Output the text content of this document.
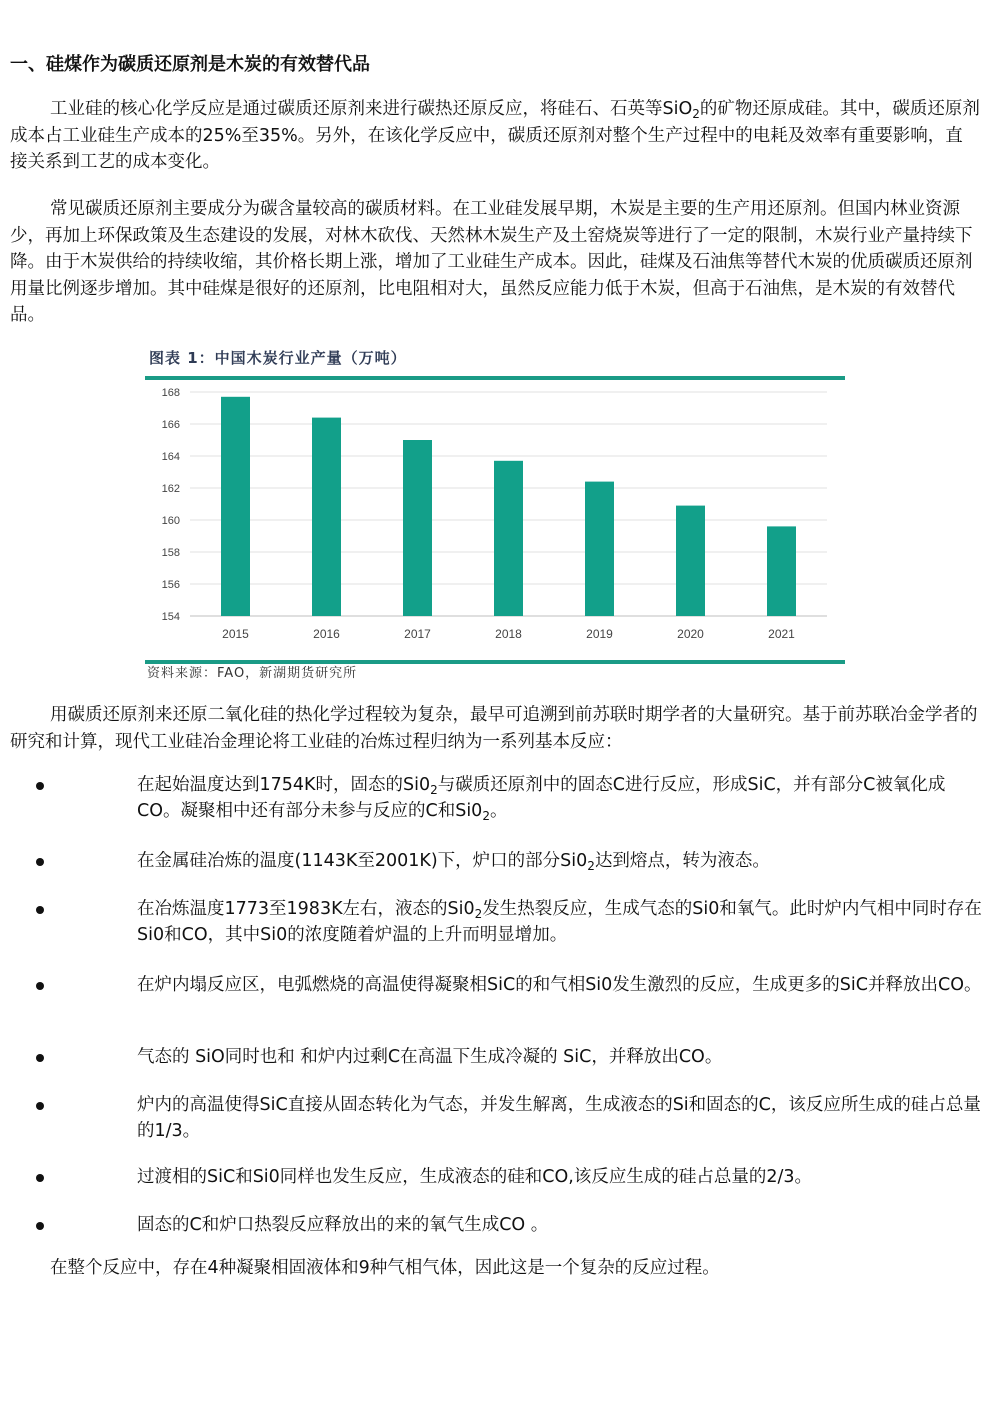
一、硅煤作为碳质还原剂是木炭的有效替代品

工业硅的核心化学反应是通过碳质还原剂来进行碳热还原反应，将硅石、石英等SiO$_2$的矿物还原成硅。其中，碳质还原剂成本占工业硅生产成本的25%至35%。另外，在该化学反应中，碳质还原剂对整个生产过程中的电耗及效率有重要影响，直接关系到工艺的成本变化。

常见碳质还原剂主要成分为碳含量较高的碳质材料。在工业硅发展早期，木炭是主要的生产用还原剂。但国内林业资源少，再加上环保政策及生态建设的发展，对林木砍伐、天然林木炭生产及土窑烧炭等进行了一定的限制，木炭行业产量持续下降。由于木炭供给的持续收缩，其价格长期上涨，增加了工业硅生产成本。因此，硅煤及石油焦等替代木炭的优质碳质还原剂用量比例逐步增加。其中硅煤是很好的还原剂，比电阻相对大，虽然反应能力低于木炭，但高于石油焦，是木炭的有效替代品。

图表 1：中国木炭行业产量（万吨）
154
156
158
160
162
164
166
168
2015	2016	2017	2018	2019	2020	2021
资料来源：FAO，新湖期货研究所

用碳质还原剂来还原二氧化硅的热化学过程较为复杂，最早可追溯到前苏联时期学者的大量研究。基于前苏联冶金学者的研究和计算，现代工业硅冶金理论将工业硅的冶炼过程归纳为一系列基本反应：

在起始温度达到1754K时，固态的$Si0_2$与碳质还原剂中的固态C进行反应，形成SiC，并有部分C被氧化成CO。凝聚相中还有部分未参与反应的C和$Si0_2$。
在金属硅冶炼的温度(1143K至2001K)下，炉口的部分$Si0_2$达到熔点，转为液态。
在冶炼温度1773至1983K左右，液态的$Si0_2$发生热裂反应，生成气态的Si0和氧气。此时炉内气相中同时存在Si0和CO，其中Si0的浓度随着炉温的上升而明显增加。
在炉内塌反应区，电弧燃烧的高温使得凝聚相SiC的和气相Si0发生激烈的反应，生成更多的SiC并释放出CO。
气态的 SiO同时也和 和炉内过剩C在高温下生成冷凝的 SiC，并释放出CO。
炉内的高温使得SiC直接从固态转化为气态，并发生解离，生成液态的Si和固态的C，该反应所生成的硅占总量的1/3。
过渡相的SiC和Si0同样也发生反应，生成液态的硅和CO,该反应生成的硅占总量的2/3。
固态的C和炉口热裂反应释放出的来的氧气生成CO 。

在整个反应中，存在4种凝聚相固液体和9种气相气体，因此这是一个复杂的反应过程。
